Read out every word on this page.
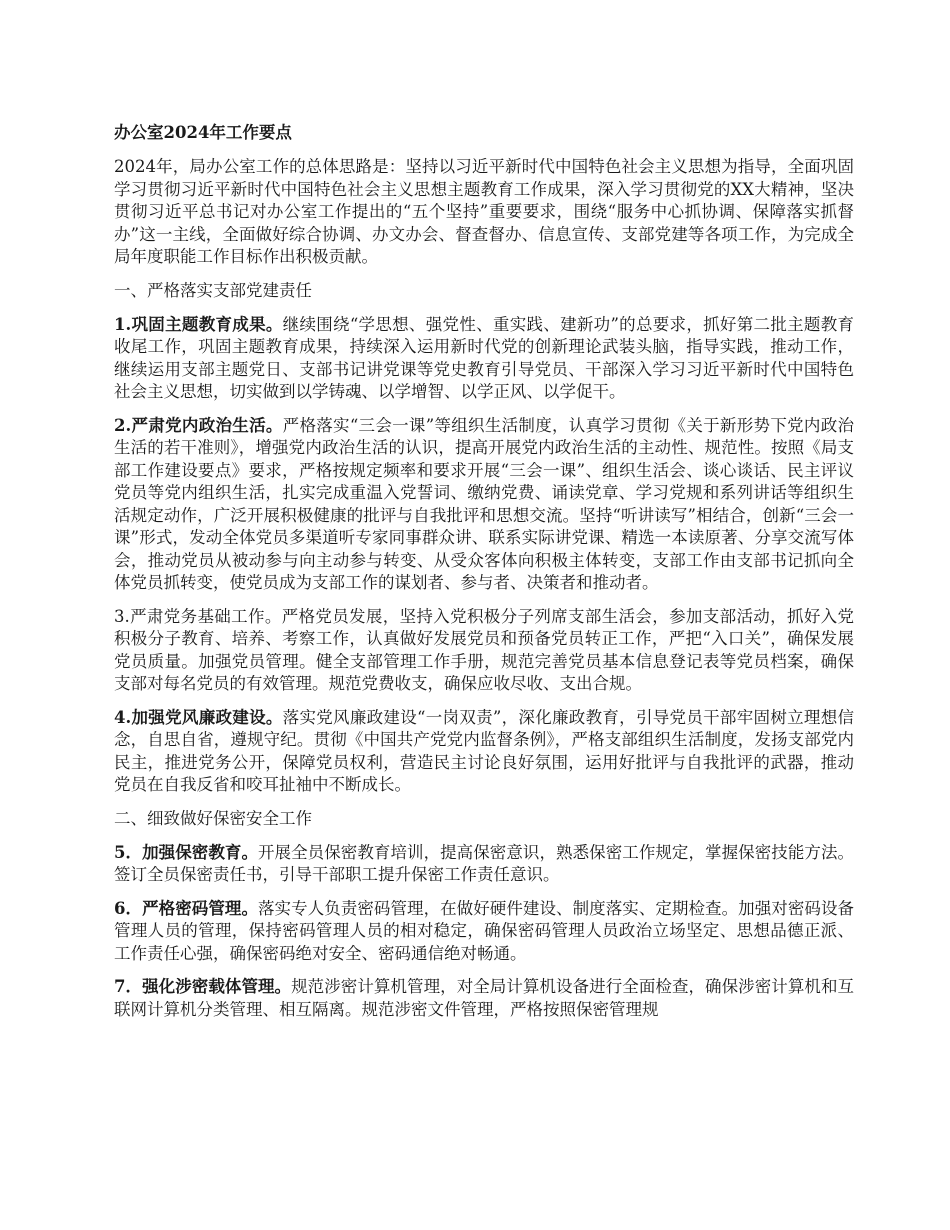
办公室2024年工作要点

2024年，局办公室工作的总体思路是：坚持以习近平新时代中国特色社会主义思想为指导，全面巩固学习贯彻习近平新时代中国特色社会主义思想主题教育工作成果，深入学习贯彻党的XX大精神，坚决贯彻习近平总书记对办公室工作提出的“五个坚持”重要要求，围绕“服务中心抓协调、保障落实抓督办”这一主线，全面做好综合协调、办文办会、督查督办、信息宣传、支部党建等各项工作，为完成全局年度职能工作目标作出积极贡献。

一、严格落实支部党建责任

1.巩固主题教育成果。继续围绕“学思想、强党性、重实践、建新功”的总要求，抓好第二批主题教育收尾工作，巩固主题教育成果，持续深入运用新时代党的创新理论武装头脑，指导实践，推动工作，继续运用支部主题党日、支部书记讲党课等党史教育引导党员、干部深入学习习近平新时代中国特色社会主义思想，切实做到以学铸魂、以学增智、以学正风、以学促干。

2.严肃党内政治生活。严格落实“三会一课”等组织生活制度，认真学习贯彻《关于新形势下党内政治生活的若干准则》，增强党内政治生活的认识，提高开展党内政治生活的主动性、规范性。按照《局支部工作建设要点》要求，严格按规定频率和要求开展“三会一课”、组织生活会、谈心谈话、民主评议党员等党内组织生活，扎实完成重温入党誓词、缴纳党费、诵读党章、学习党规和系列讲话等组织生活规定动作，广泛开展积极健康的批评与自我批评和思想交流。坚持“听讲读写”相结合，创新“三会一课”形式，发动全体党员多渠道听专家同事群众讲、联系实际讲党课、精选一本读原著、分享交流写体会，推动党员从被动参与向主动参与转变、从受众客体向积极主体转变，支部工作由支部书记抓向全体党员抓转变，使党员成为支部工作的谋划者、参与者、决策者和推动者。

3.严肃党务基础工作。严格党员发展，坚持入党积极分子列席支部生活会，参加支部活动，抓好入党积极分子教育、培养、考察工作，认真做好发展党员和预备党员转正工作，严把“入口关”，确保发展党员质量。加强党员管理。健全支部管理工作手册，规范完善党员基本信息登记表等党员档案，确保支部对每名党员的有效管理。规范党费收支，确保应收尽收、支出合规。

4.加强党风廉政建设。落实党风廉政建设“一岗双责”，深化廉政教育，引导党员干部牢固树立理想信念，自思自省，遵规守纪。贯彻《中国共产党党内监督条例》，严格支部组织生活制度，发扬支部党内民主，推进党务公开，保障党员权利，营造民主讨论良好氛围，运用好批评与自我批评的武器，推动党员在自我反省和咬耳扯袖中不断成长。

二、细致做好保密安全工作

5．加强保密教育。开展全员保密教育培训，提高保密意识，熟悉保密工作规定，掌握保密技能方法。签订全员保密责任书，引导干部职工提升保密工作责任意识。

6．严格密码管理。落实专人负责密码管理，在做好硬件建设、制度落实、定期检查。加强对密码设备管理人员的管理，保持密码管理人员的相对稳定，确保密码管理人员政治立场坚定、思想品德正派、工作责任心强，确保密码绝对安全、密码通信绝对畅通。

7．强化涉密载体管理。规范涉密计算机管理，对全局计算机设备进行全面检查，确保涉密计算机和互联网计算机分类管理、相互隔离。规范涉密文件管理，严格按照保密管理规
